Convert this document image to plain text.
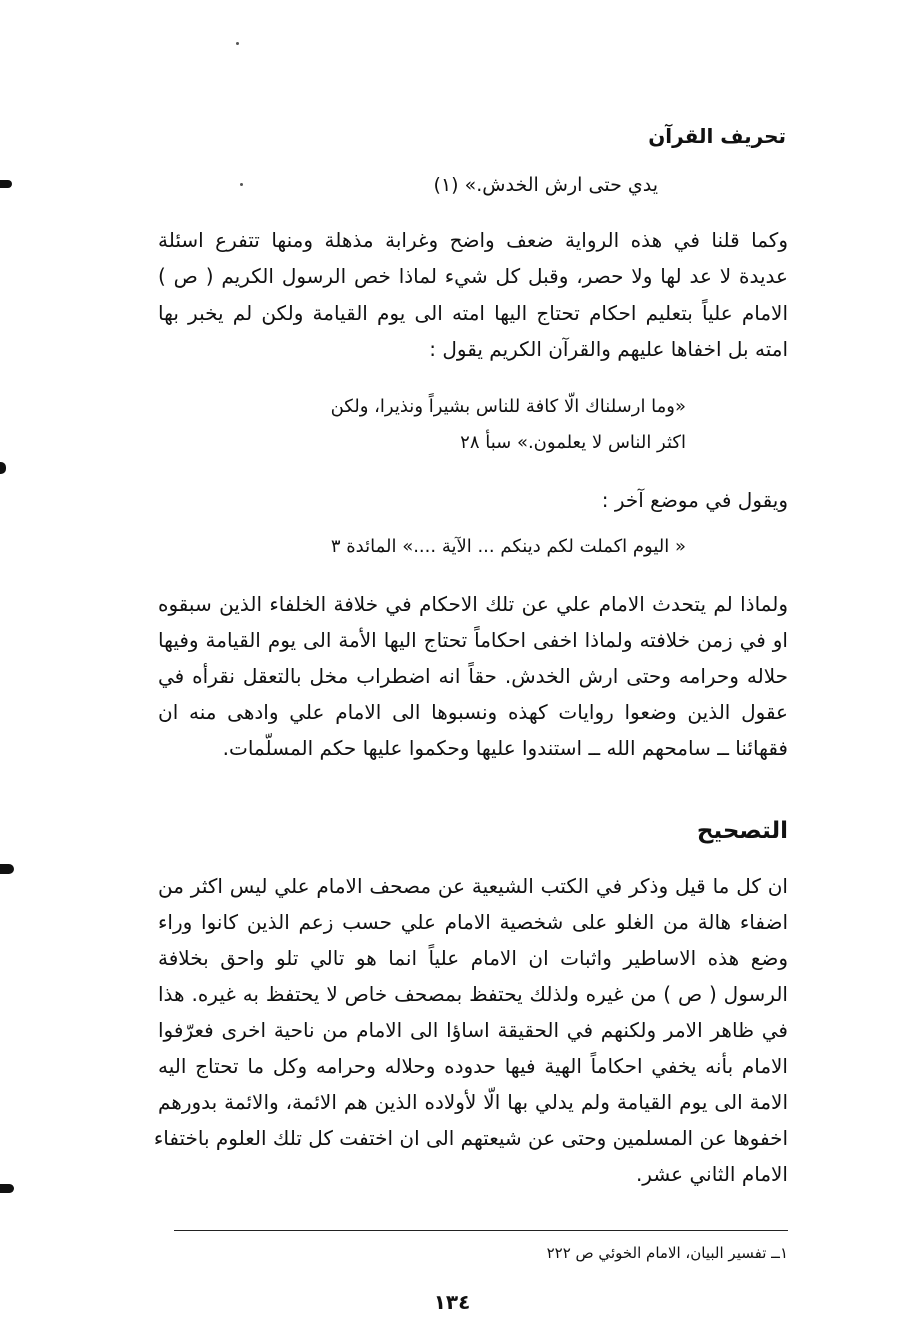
تحريف القرآن
يدي حتى ارش الخدش.» (١)
وكما قلنا في هذه الرواية ضعف واضح وغرابة مذهلة ومنها تتفرع اسئلة
عديدة لا عد لها ولا حصر، وقبل كل شيء لماذا خص الرسول الكريم ( ص )
الامام علياً بتعليم احكام تحتاج اليها امته الى يوم القيامة ولكن لم يخبر بها
امته بل اخفاها عليهم والقرآن الكريم يقول :
«وما ارسلناك الّا كافة للناس بشيراً ونذيرا، ولكن
اكثر الناس لا يعلمون.» سبأ ٢٨
ويقول في موضع آخر :
« اليوم اكملت لكم دينكم ... الآية ....» المائدة ٣
ولماذا لم يتحدث الامام علي عن تلك الاحكام في خلافة الخلفاء الذين سبقوه
او في زمن خلافته ولماذا اخفى احكاماً تحتاج اليها الأمة الى يوم القيامة وفيها
حلاله وحرامه وحتى ارش الخدش. حقاً انه اضطراب مخل بالتعقل نقرأه في
عقول الذين وضعوا روايات كهذه ونسبوها الى الامام علي وادهى منه ان
فقهائنا ــ سامحهم الله ــ استندوا عليها وحكموا عليها حكم المسلّمات.
التصحيح
ان كل ما قيل وذكر في الكتب الشيعية عن مصحف الامام علي ليس اكثر من
اضفاء هالة من الغلو على شخصية الامام علي حسب زعم الذين كانوا وراء
وضع هذه الاساطير واثبات ان الامام علياً انما هو تالي تلو واحق بخلافة
الرسول ( ص ) من غيره ولذلك يحتفظ بمصحف خاص لا يحتفظ به غيره. هذا
في ظاهر الامر ولكنهم في الحقيقة اساؤا الى الامام من ناحية اخرى فعرّفوا
الامام بأنه يخفي احكاماً الهية فيها حدوده وحلاله وحرامه وكل ما تحتاج اليه
الامة الى يوم القيامة ولم يدلي بها الّا لأولاده الذين هم الائمة، والائمة بدورهم
اخفوها عن المسلمين وحتى عن شيعتهم الى ان اختفت كل تلك العلوم باختفاء
الامام الثاني عشر.
١ــ تفسير البيان، الامام الخوئي ص ٢٢٢
١٣٤
